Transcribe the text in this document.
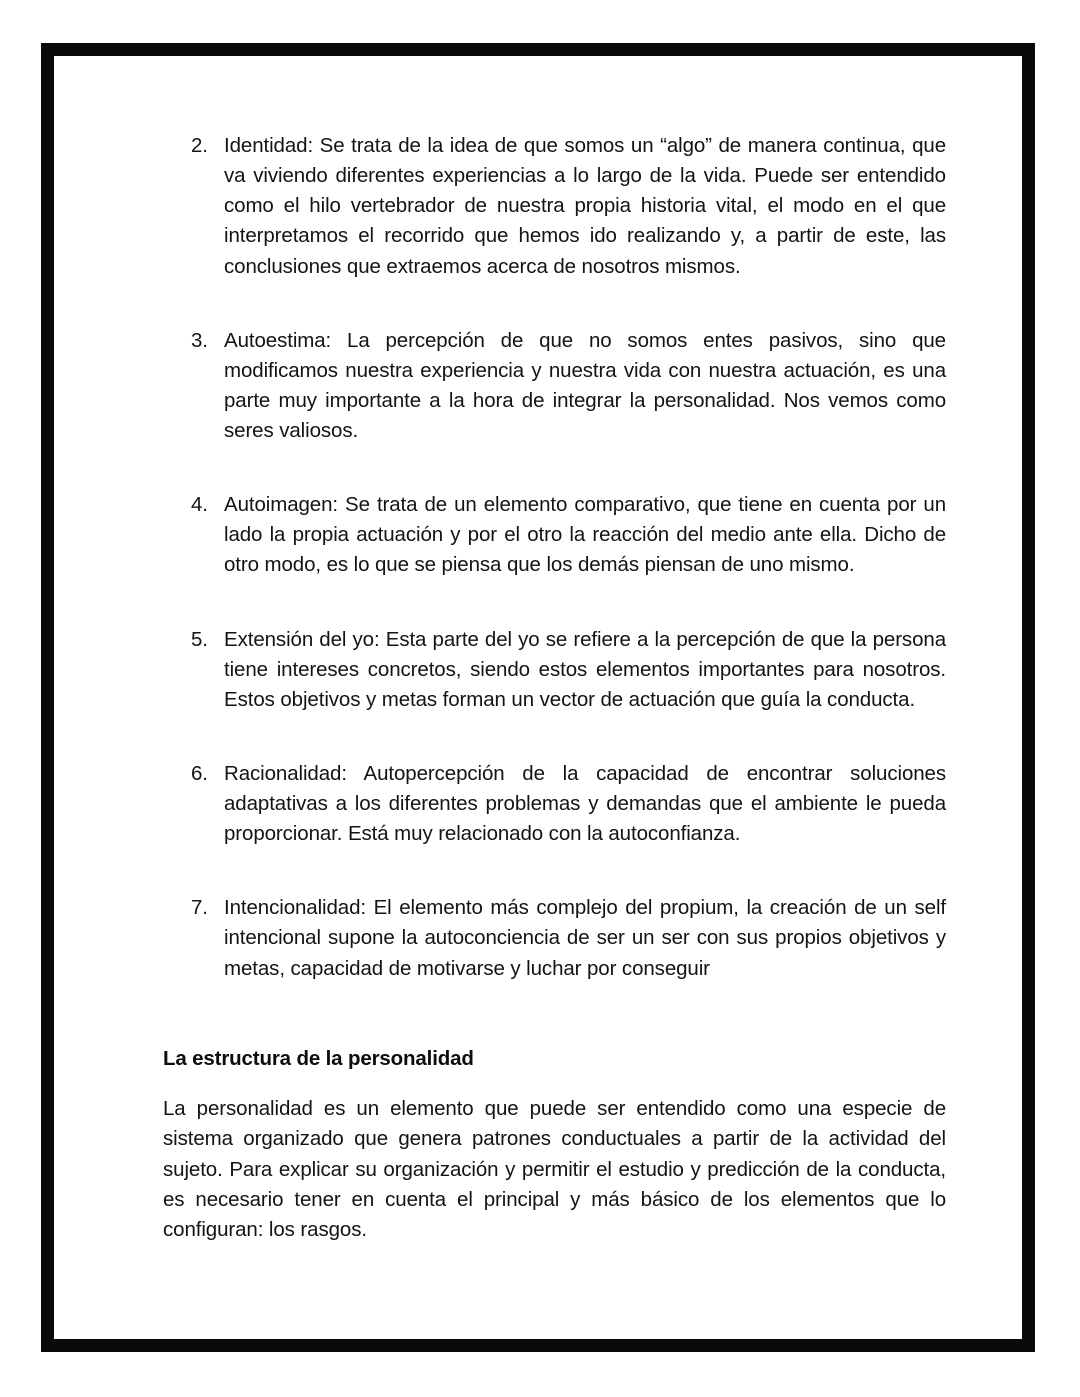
2. Identidad: Se trata de la idea de que somos un “algo” de manera continua, que va viviendo diferentes experiencias a lo largo de la vida. Puede ser entendido como el hilo vertebrador de nuestra propia historia vital, el modo en el que interpretamos el recorrido que hemos ido realizando y, a partir de este, las conclusiones que extraemos acerca de nosotros mismos.
3. Autoestima: La percepción de que no somos entes pasivos, sino que modificamos nuestra experiencia y nuestra vida con nuestra actuación, es una parte muy importante a la hora de integrar la personalidad. Nos vemos como seres valiosos.
4. Autoimagen: Se trata de un elemento comparativo, que tiene en cuenta por un lado la propia actuación y por el otro la reacción del medio ante ella. Dicho de otro modo, es lo que se piensa que los demás piensan de uno mismo.
5. Extensión del yo: Esta parte del yo se refiere a la percepción de que la persona tiene intereses concretos, siendo estos elementos importantes para nosotros. Estos objetivos y metas forman un vector de actuación que guía la conducta.
6. Racionalidad: Autopercepción de la capacidad de encontrar soluciones adaptativas a los diferentes problemas y demandas que el ambiente le pueda proporcionar. Está muy relacionado con la autoconfianza.
7. Intencionalidad: El elemento más complejo del propium, la creación de un self intencional supone la autoconciencia de ser un ser con sus propios objetivos y metas, capacidad de motivarse y luchar por conseguir
La estructura de la personalidad

La personalidad es un elemento que puede ser entendido como una especie de sistema organizado que genera patrones conductuales a partir de la actividad del sujeto. Para explicar su organización y permitir el estudio y predicción de la conducta, es necesario tener en cuenta el principal y más básico de los elementos que lo configuran: los rasgos.
